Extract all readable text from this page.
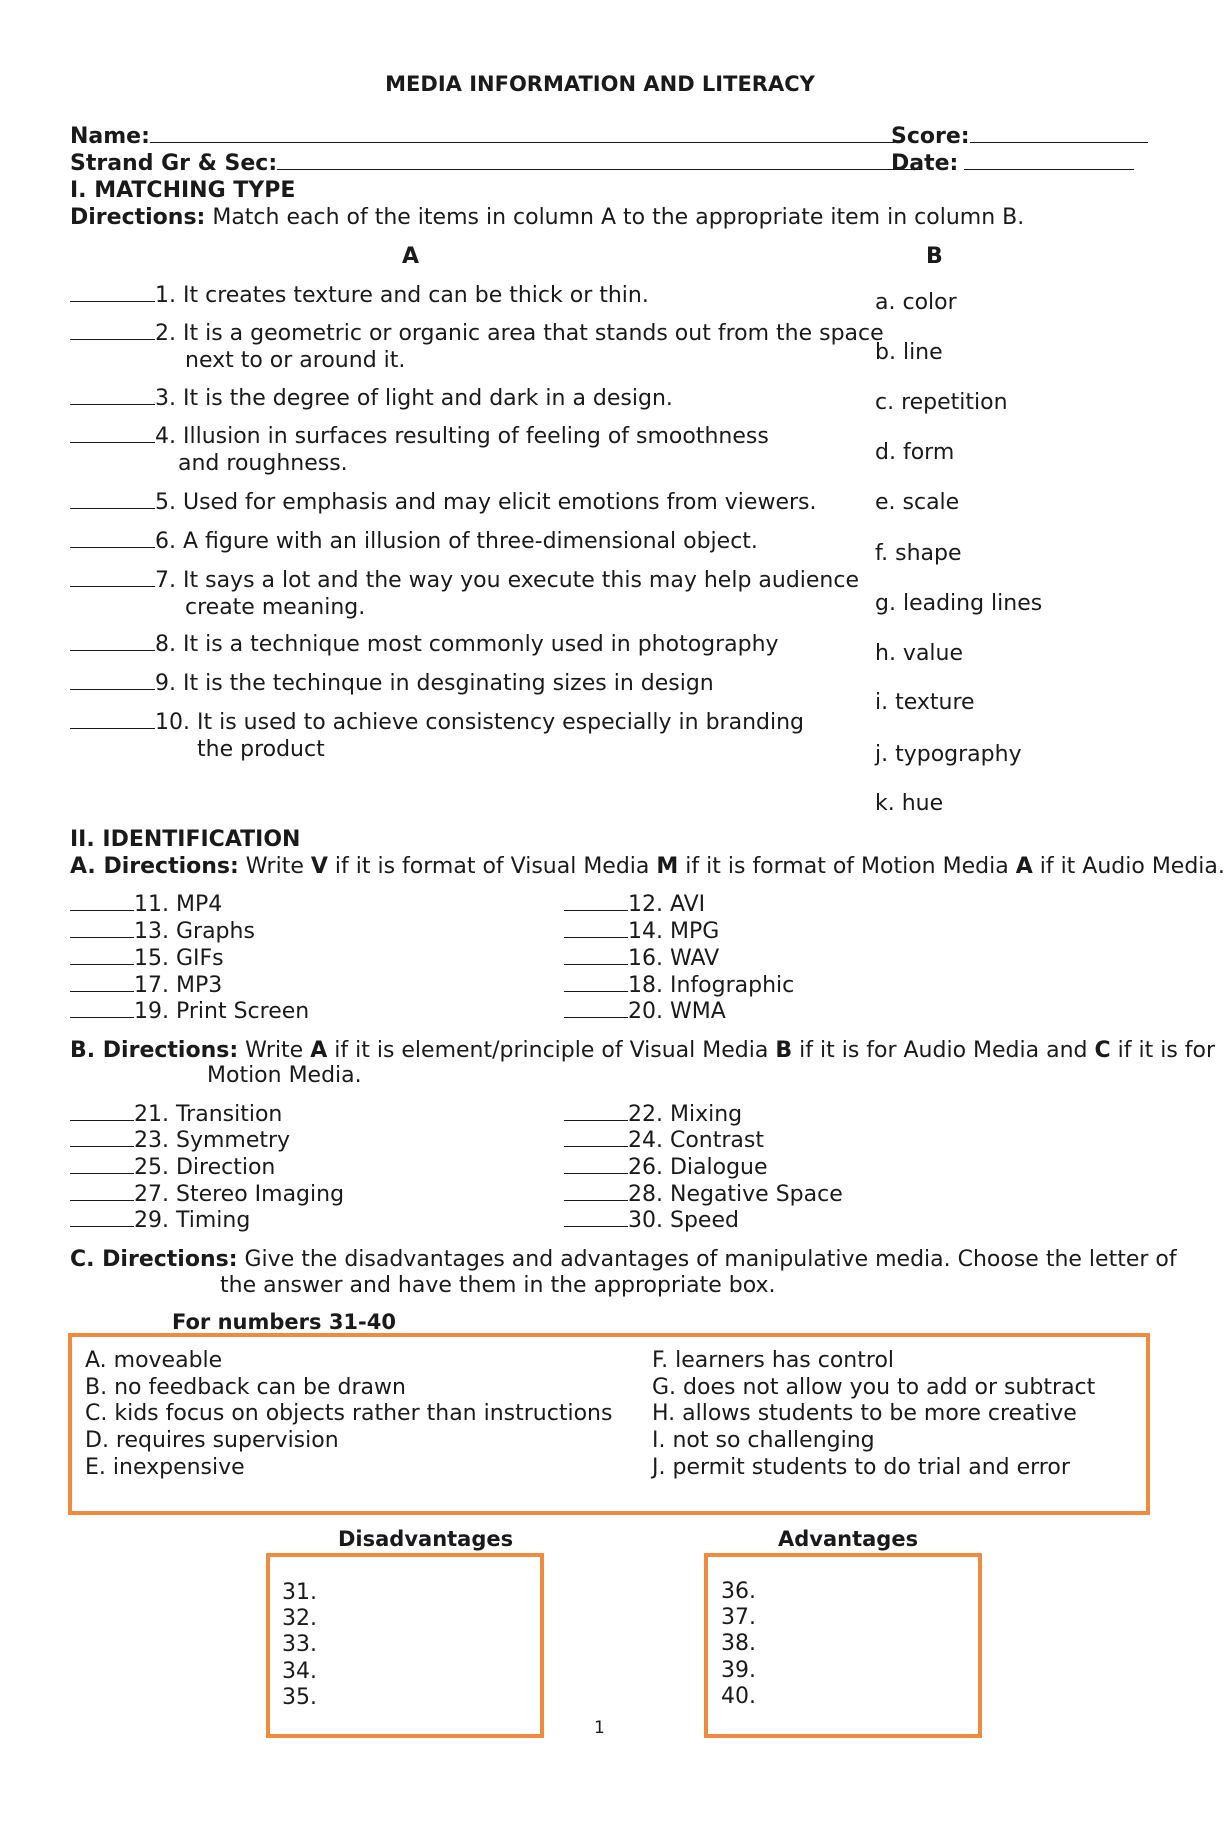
MEDIA INFORMATION AND LITERACY
Name:	Score:
Strand Gr & Sec:	Date:
I. MATCHING TYPE
Directions: Match each of the items in column A to the appropriate item in column B.
A	B
1. It creates texture and can be thick or thin.
2. It is a geometric or organic area that stands out from the space
next to or around it.
3. It is the degree of light and dark in a design.
4. Illusion in surfaces resulting of feeling of smoothness
and roughness.
5. Used for emphasis and may elicit emotions from viewers.
6. A figure with an illusion of three-dimensional object.
7. It says a lot and the way you execute this may help audience
create meaning.
8. It is a technique most commonly used in photography
9. It is the techinque in desginating sizes in design
10. It is used to achieve consistency especially in branding
the product
a. color
b. line
c. repetition
d. form
e. scale
f. shape
g. leading lines
h. value
i. texture
j. typography
k. hue
II. IDENTIFICATION
A. Directions: Write V if it is format of Visual Media M if it is format of Motion Media A if it Audio Media.
11. MP4
13. Graphs
15. GIFs
17. MP3
19. Print Screen
12. AVI
14. MPG
16. WAV
18. Infographic
20. WMA
B. Directions: Write A if it is element/principle of Visual Media B if it is for Audio Media and C if it is for
Motion Media.
21. Transition
23. Symmetry
25. Direction
27. Stereo Imaging
29. Timing
22. Mixing
24. Contrast
26. Dialogue
28. Negative Space
30. Speed
C. Directions: Give the disadvantages and advantages of manipulative media. Choose the letter of
the answer and have them in the appropriate box.
For numbers 31-40
A. moveable
B. no feedback can be drawn
C. kids focus on objects rather than instructions
D. requires supervision
E. inexpensive
F. learners has control
G. does not allow you to add or subtract
H. allows students to be more creative
I. not so challenging
J. permit students to do trial and error
Disadvantages	Advantages
31.
32.
33.
34.
35.
36.
37.
38.
39.
40.
1
